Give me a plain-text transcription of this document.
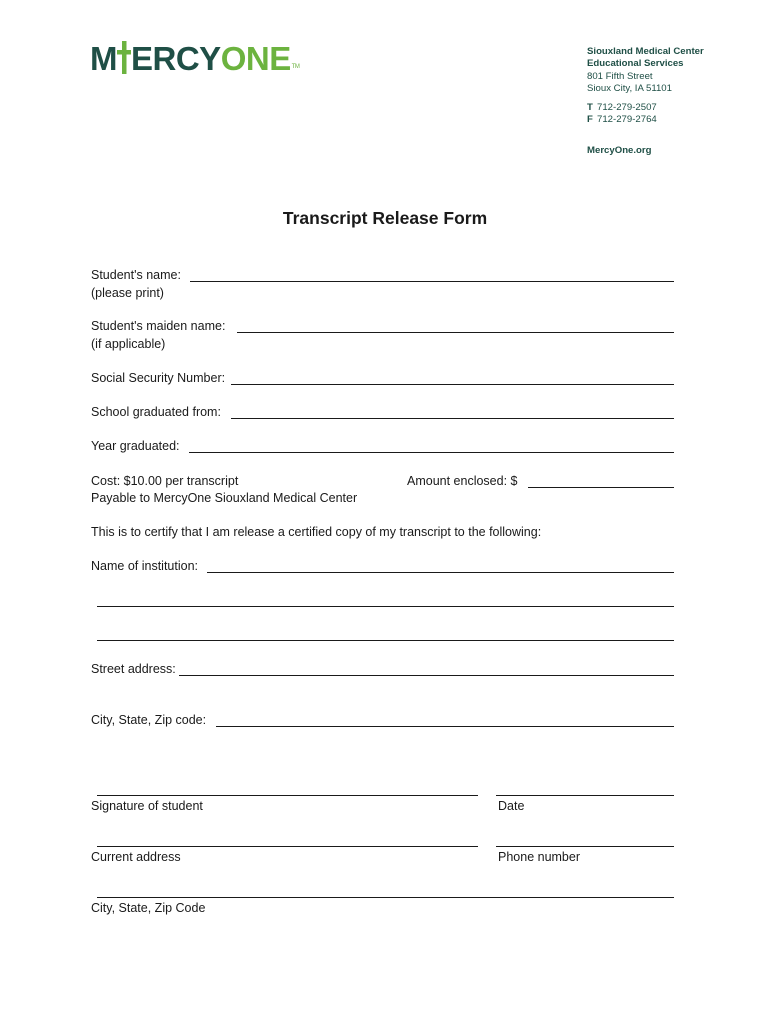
M ERCYONETM
Siouxland Medical Center
Educational Services
801 Fifth Street
Sioux City, IA 51101
T 712-279-2507
F 712-279-2764
MercyOne.org
Transcript Release Form
Student's name:
(please print)
Student's maiden name:
(if applicable)
Social Security Number:
School graduated from:
Year graduated:
Cost: $10.00 per transcript	Amount enclosed: $
Payable to MercyOne Siouxland Medical Center
This is to certify that I am release a certified copy of my transcript to the following:
Name of institution:
Street address:
City, State, Zip code:
Signature of student	Date
Current address	Phone number
City, State, Zip Code
